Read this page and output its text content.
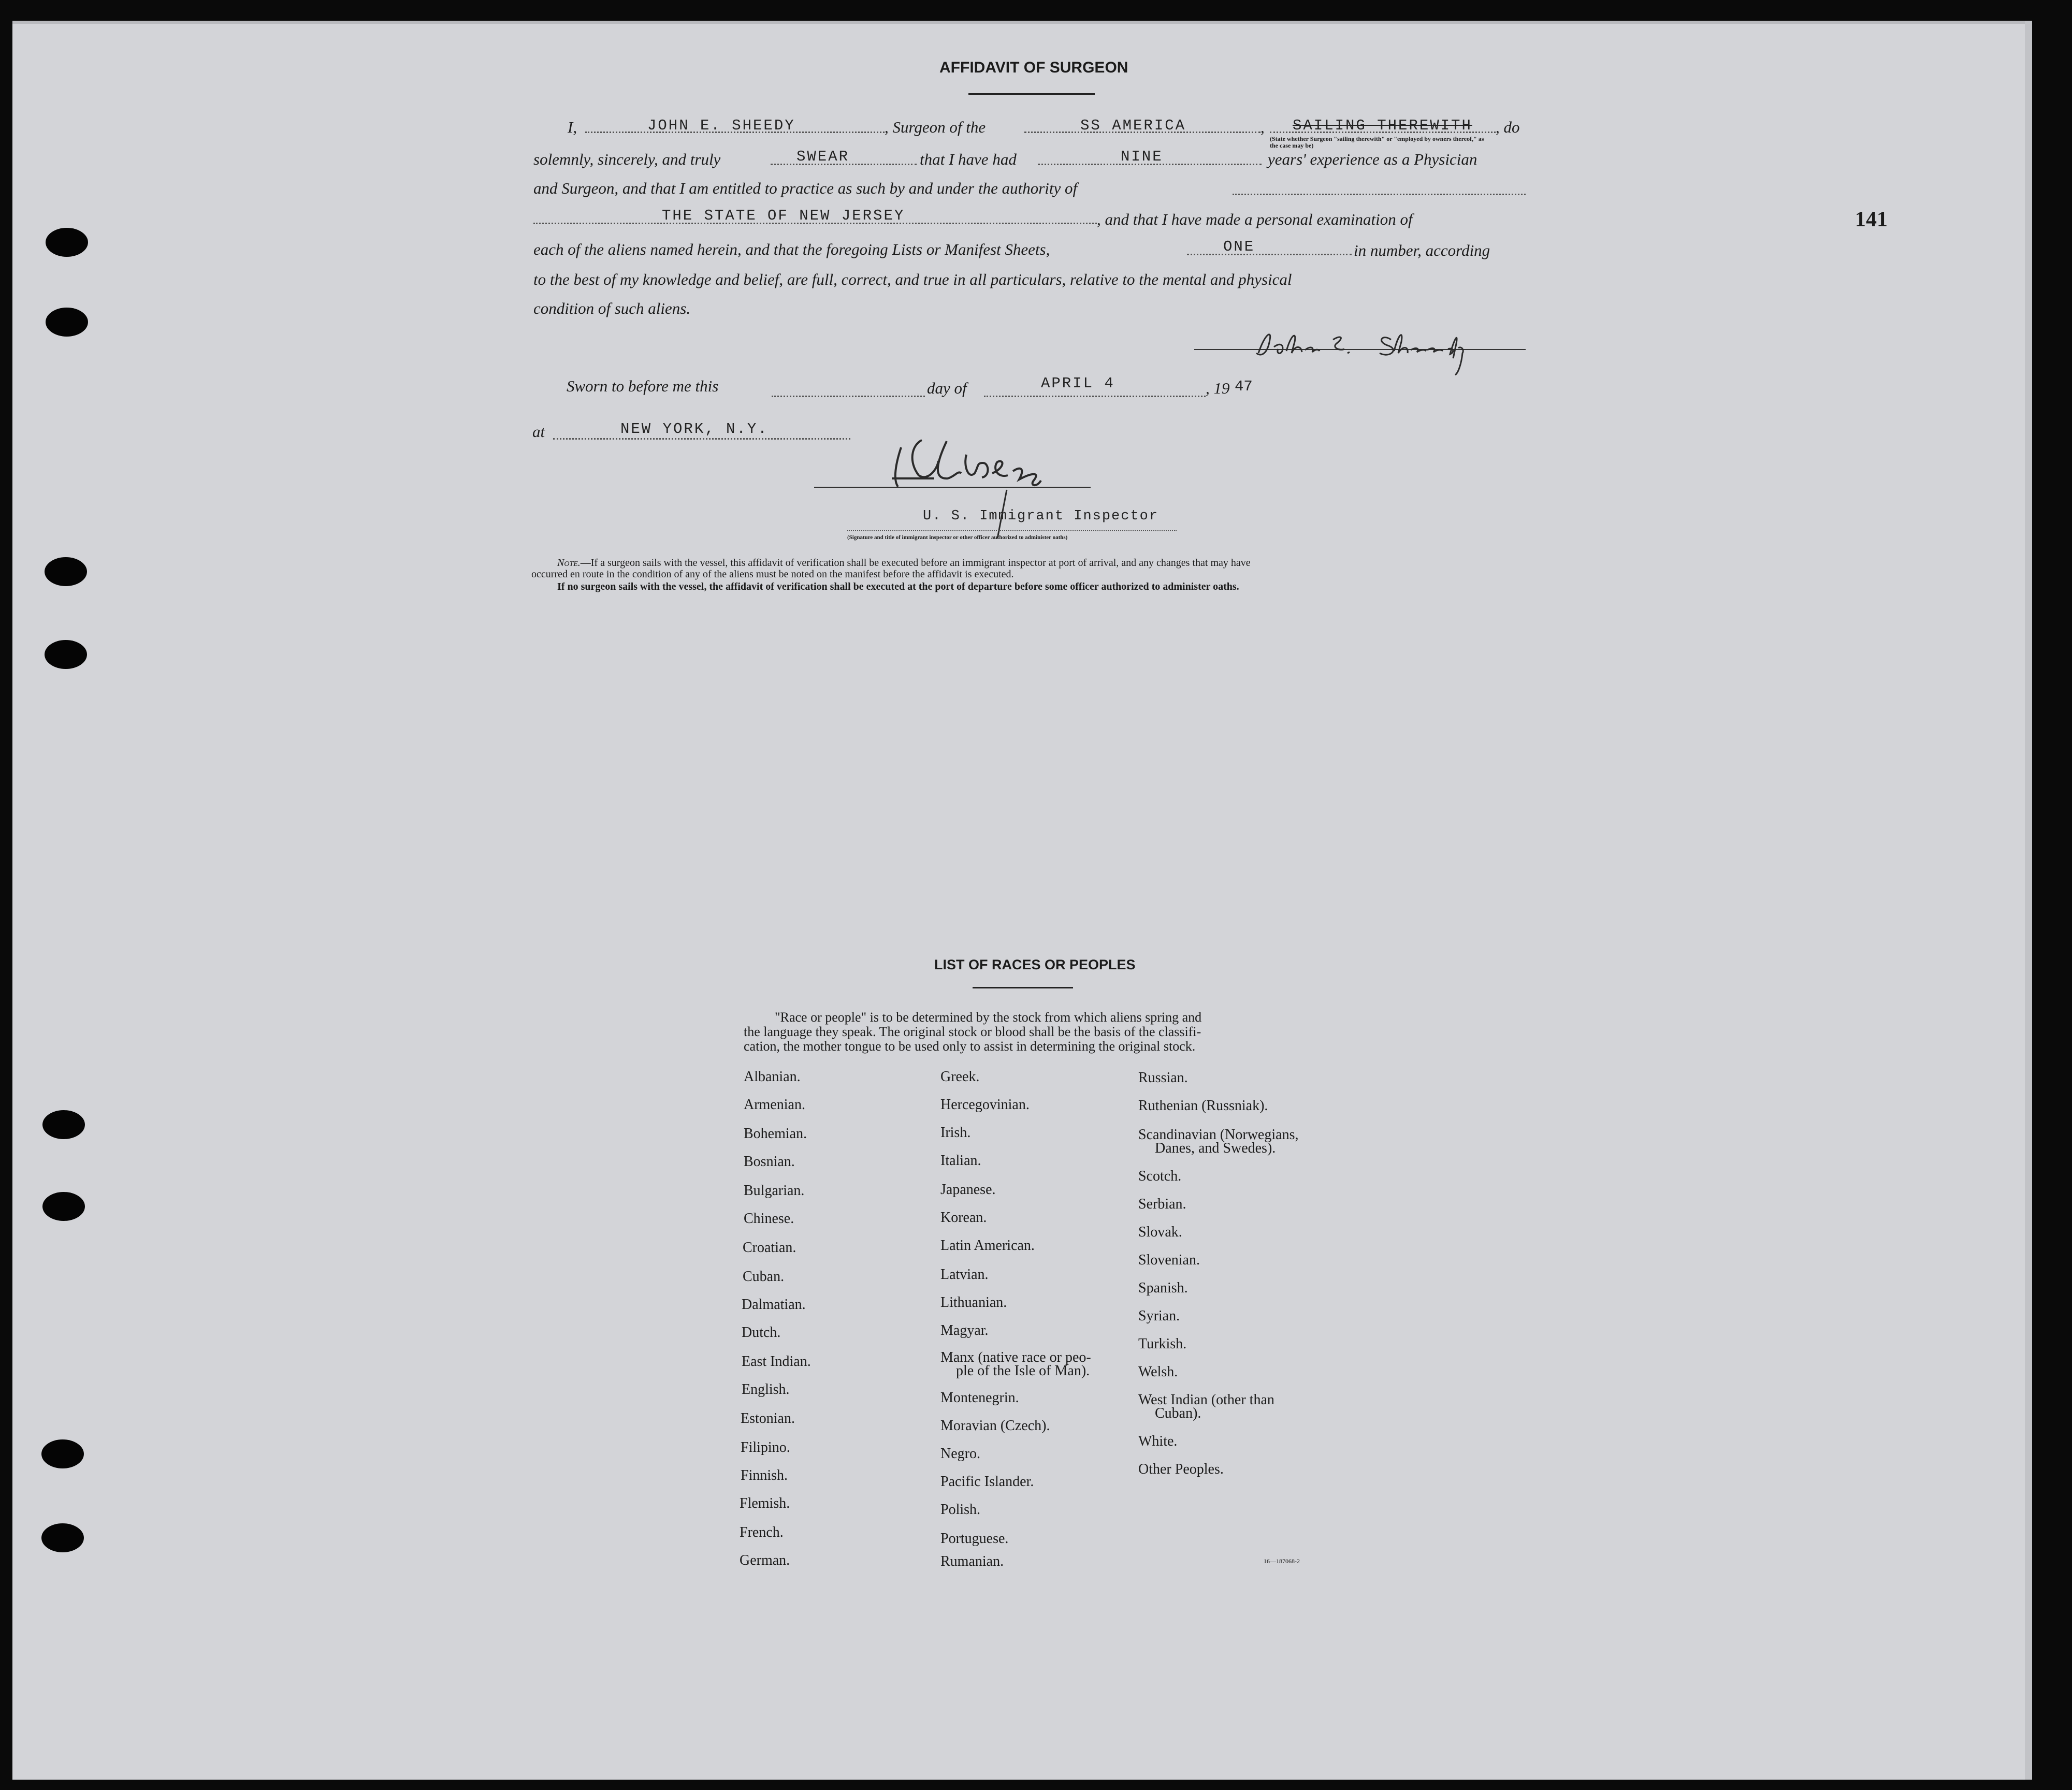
141
AFFIDAVIT OF SURGEON
I,	JOHN E. SHEEDY	, Surgeon of the	SS AMERICA	, SAILING THEREWITH , do
(State whether Surgeon "sailing therewith" or "employed by owners thereof," as the case may be)
solemnly, sincerely, and truly	SWEAR	that I have had	NINE	years' experience as a Physician
and Surgeon, and that I am entitled to practice as such by and under the authority of
THE STATE OF NEW JERSEY	, and that I have made a personal examination of
each of the aliens named herein, and that the foregoing Lists or Manifest Sheets,	ONE	in number, according
to the best of my knowledge and belief, are full, correct, and true in all particulars, relative to the mental and physical
condition of such aliens.
Sworn to before me this	day of	APRIL 4	, 19 47
at	NEW YORK, N.Y.
U. S. Immigrant Inspector
(Signature and title of immigrant inspector or other officer authorized to administer oaths)
Note.—If a surgeon sails with the vessel, this affidavit of verification shall be executed before an immigrant inspector at port of arrival, and any changes that may have
occurred en route in the condition of any of the aliens must be noted on the manifest before the affidavit is executed.
If no surgeon sails with the vessel, the affidavit of verification shall be executed at the port of departure before some officer authorized to administer oaths.
LIST OF RACES OR PEOPLES
"Race or people" is to be determined by the stock from which aliens spring and
the language they speak. The original stock or blood shall be the basis of the classifi-
cation, the mother tongue to be used only to assist in determining the original stock.
Albanian.
Armenian.
Bohemian.
Bosnian.
Bulgarian.
Chinese.
Croatian.
Cuban.
Dalmatian.
Dutch.
East Indian.
English.
Estonian.
Filipino.
Finnish.
Flemish.
French.
German.
Greek.
Hercegovinian.
Irish.
Italian.
Japanese.
Korean.
Latin American.
Latvian.
Lithuanian.
Magyar.
Manx (native race or peo-
ple of the Isle of Man).
Montenegrin.
Moravian (Czech).
Negro.
Pacific Islander.
Polish.
Portuguese.
Rumanian.
Russian.
Ruthenian (Russniak).
Scandinavian (Norwegians,
Danes, and Swedes).
Scotch.
Serbian.
Slovak.
Slovenian.
Spanish.
Syrian.
Turkish.
Welsh.
West Indian (other than
Cuban).
White.
Other Peoples.
16—187068-2
